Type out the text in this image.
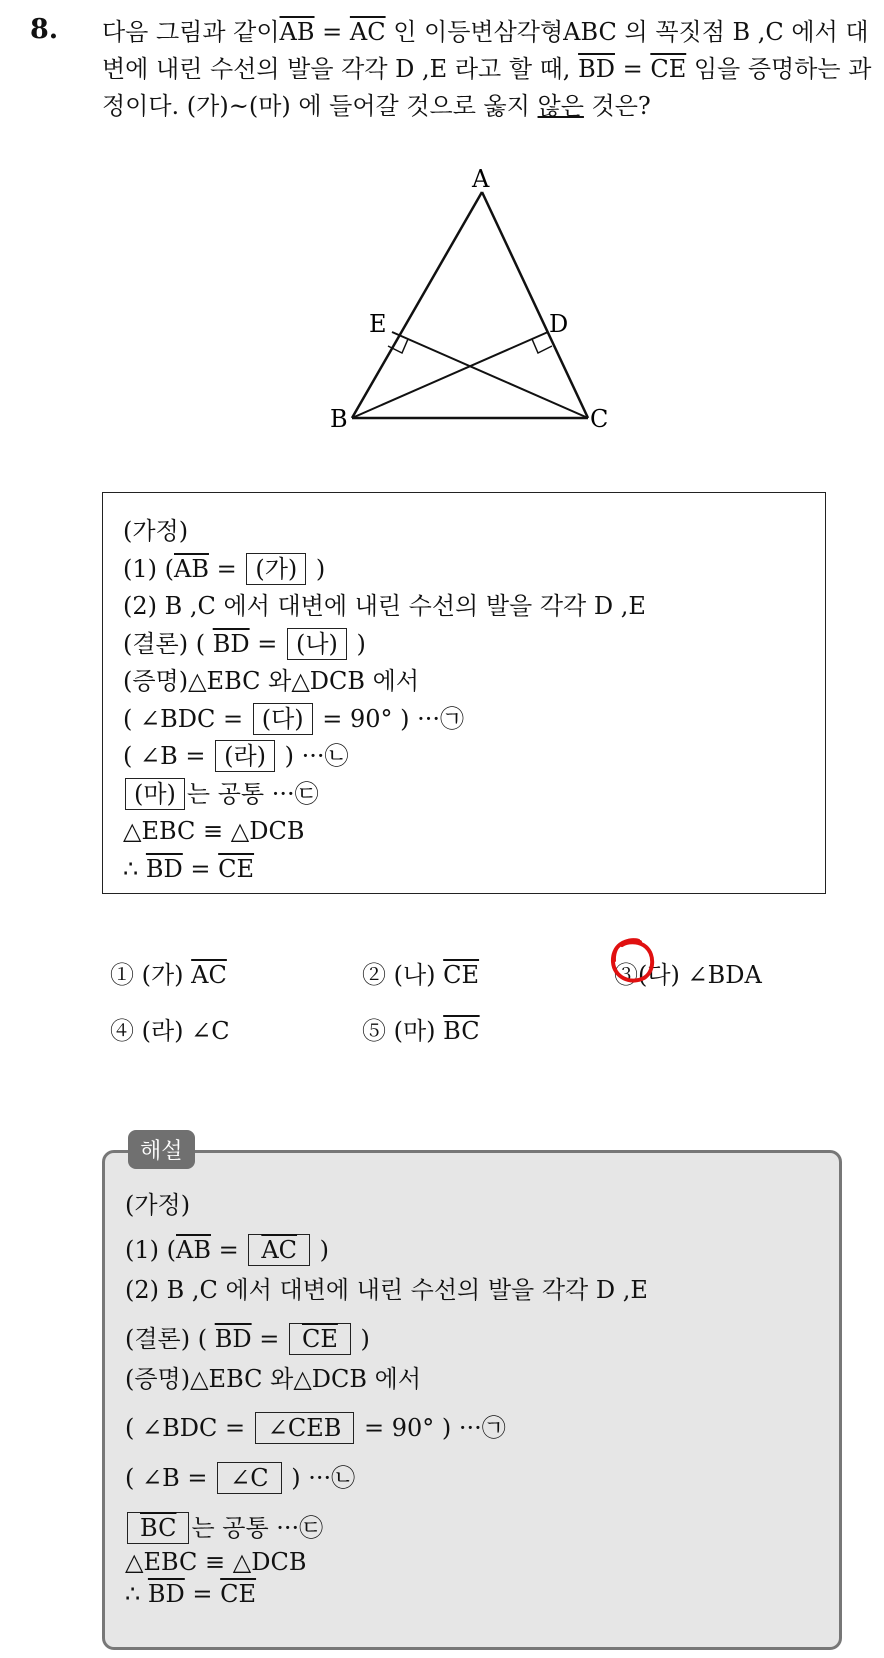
8. 다음 그림과 같이$\overline{AB} = \overline{AC}$ 인 이등변삼각형ABC 의 꼭짓점 B ,C 에서 대변에 내린 수선의 발을 각각 D ,E 라고 할 때, $\overline{BD} = \overline{CE}$ 임을 증명하는 과정이다. (가)~(마) 에 들어갈 것으로 옳지 않은 것은?
A
B	C
D
E
(가정)
(1) ($\overline{AB}$ = (가) )
(2) B ,C 에서 대변에 내린 수선의 발을 각각 D ,E
(결론) ( $\overline{BD}$ = (나) )
(증명)△EBC 와△DCB 에서
( ∠BDC = (다) = 90° ) ···㉠
( ∠B = (라) ) ···㉡
(마) 는 공통 ···㉢
△EBC ≡ △DCB
∴ $\overline{BD} = \overline{CE}$
① (가) $\overline{AC}$	② (나) $\overline{CE}$	③(다) ∠BDA
④ (라) ∠C	⑤ (마) $\overline{BC}$
(가정)
(1) ($\overline{AB} = \overline{AC}$ )
(2) B ,C 에서 대변에 내린 수선의 발을 각각 D ,E
(결론) ( $\overline{BD} = \overline{CE}$ )
(증명)△EBC 와△DCB 에서
( ∠BDC = ∠CEB = 90° ) ···㉠
( ∠B = ∠C ) ···㉡
$\overline{BC}$ 는 공통 ···㉢
△EBC ≡ △DCB
∴ $\overline{BD} = \overline{CE}$
해설
